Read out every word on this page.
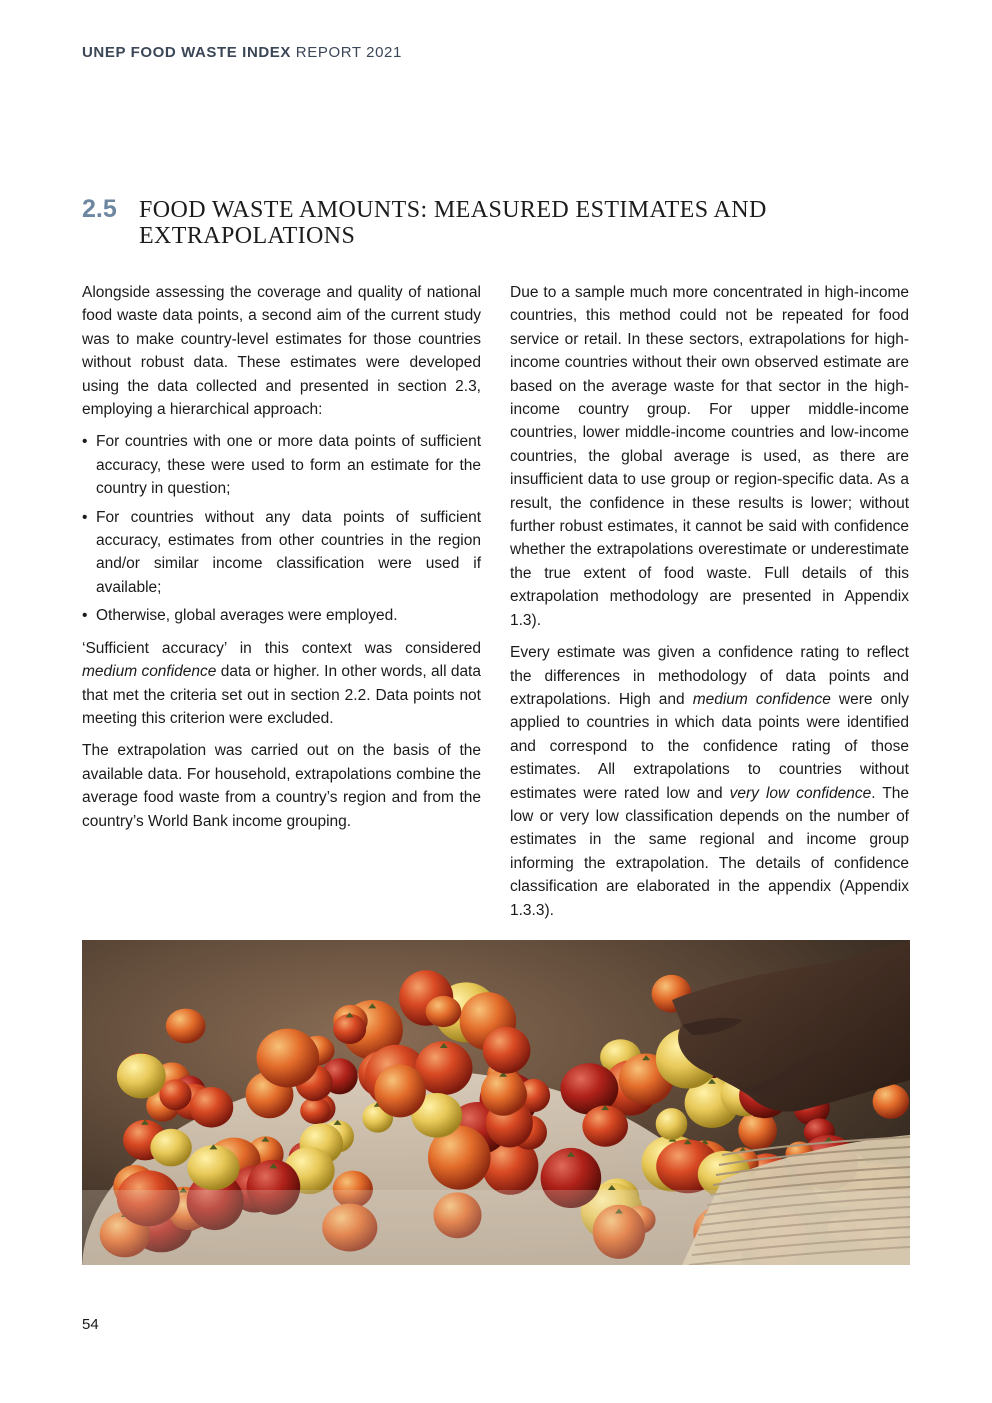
UNEP FOOD WASTE INDEX REPORT 2021
2.5 FOOD WASTE AMOUNTS: MEASURED ESTIMATES AND EXTRAPOLATIONS

Alongside assessing the coverage and quality of national food waste data points, a second aim of the current study was to make country-level estimates for those countries without robust data. These estimates were developed using the data collected and presented in section 2.3, employing a hierarchical approach:

• For countries with one or more data points of sufficient accuracy, these were used to form an estimate for the country in question;
• For countries without any data points of sufficient accuracy, estimates from other countries in the region and/or similar income classification were used if available;
• Otherwise, global averages were employed.

‘Sufficient accuracy’ in this context was considered medium confidence data or higher. In other words, all data that met the criteria set out in section 2.2. Data points not meeting this criterion were excluded.

The extrapolation was carried out on the basis of the available data. For household, extrapolations combine the average food waste from a country’s region and from the country’s World Bank income grouping.

Due to a sample much more concentrated in high-income countries, this method could not be repeated for food service or retail. In these sectors, extrapolations for high-income countries without their own observed estimate are based on the average waste for that sector in the high-income country group. For upper middle-income countries, lower middle-income countries and low-income countries, the global average is used, as there are insufficient data to use group or region-specific data. As a result, the confidence in these results is lower; without further robust estimates, it cannot be said with confidence whether the extrapolations overestimate or underestimate the true extent of food waste. Full details of this extrapolation methodology are presented in Appendix 1.3).

Every estimate was given a confidence rating to reflect the differences in methodology of data points and extrapolations. High and medium confidence were only applied to countries in which data points were identified and correspond to the confidence rating of those estimates. All extrapolations to countries without estimates were rated low and very low confidence. The low or very low classification depends on the number of estimates in the same regional and income group informing the extrapolation. The details of confidence classification are elaborated in the appendix (Appendix 1.3.3).

54
